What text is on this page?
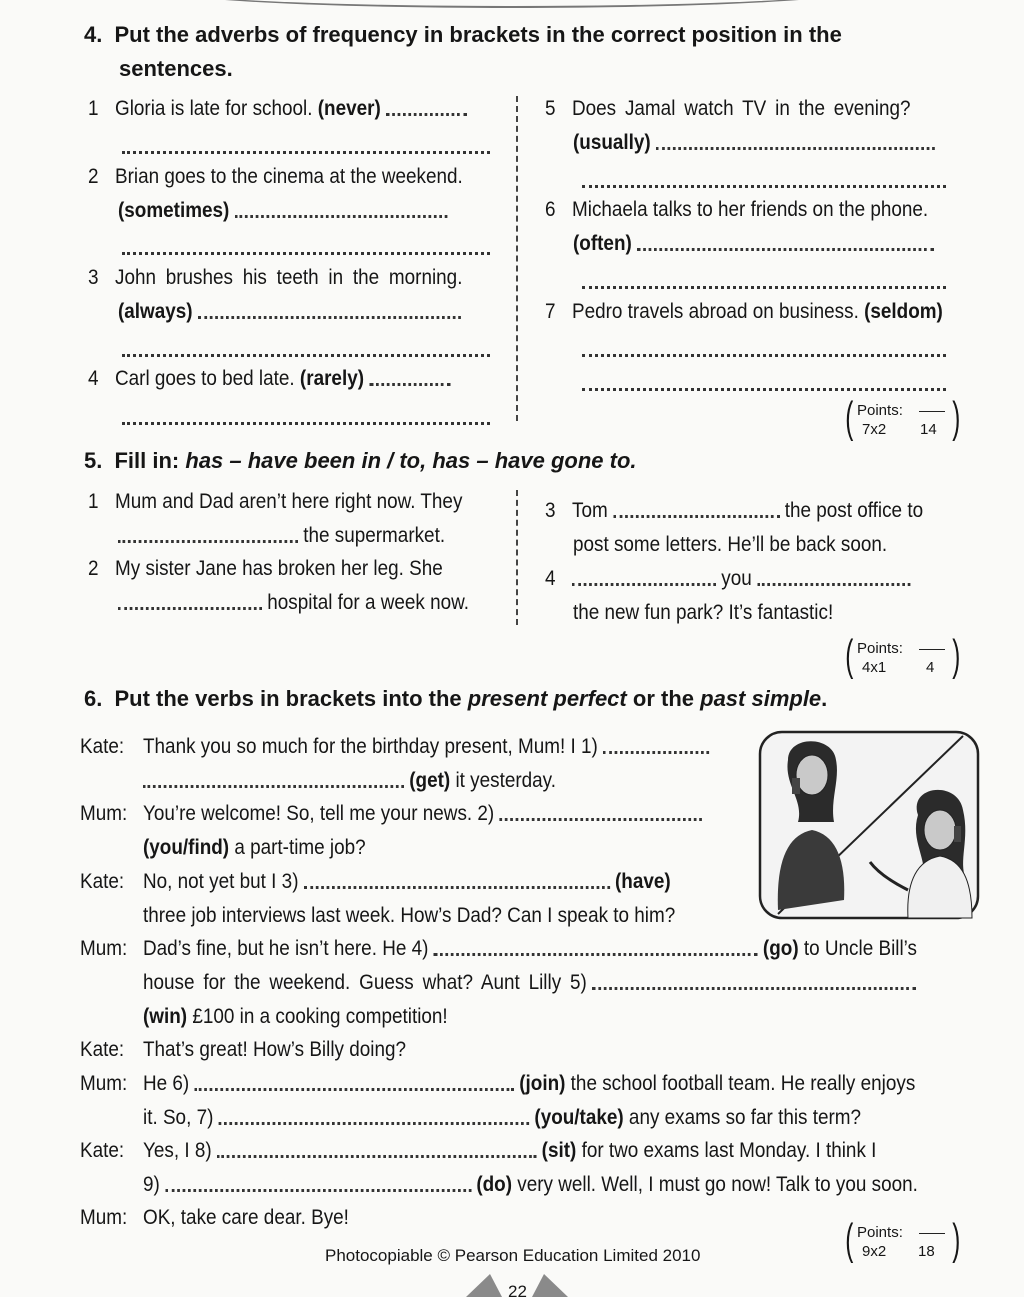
4. Put the adverbs of frequency in brackets in the correct position in the
sentences.
1 Gloria is late for school. (never)
2 Brian goes to the cinema at the weekend.
(sometimes)
3 John brushes his teeth in the morning.
(always)
4 Carl goes to bed late. (rarely)
5 Does Jamal watch TV in the evening?
(usually)
6 Michaela talks to her friends on the phone.
(often)
7 Pedro travels abroad on business. (seldom)
( )
Points:
7x2 14
5. Fill in: has – have been in / to, has – have gone to.
1 Mum and Dad aren’t here right now. They
the supermarket.
2 My sister Jane has broken her leg. She
hospital for a week now.
3 Tom	the post office to
post some letters. He’ll be back soon.
4	you
the new fun park? It’s fantastic!
( )
Points:
4x1	4
6. Put the verbs in brackets into the present perfect or the past simple.
Kate: Thank you so much for the birthday present, Mum! I 1)
(get) it yesterday.
Mum: You’re welcome! So, tell me your news. 2)
(you/find) a part-time job?
Kate: No, not yet but I 3)	(have)
three job interviews last week. How’s Dad? Can I speak to him?
Mum: Dad’s fine, but he isn’t here. He 4)	(go) to Uncle Bill’s
house for the weekend. Guess what? Aunt Lilly 5)
(win) £100 in a cooking competition!
Kate: That’s great! How’s Billy doing?
Mum: He 6)	(join) the school football team. He really enjoys
it. So, 7)	(you/take) any exams so far this term?
Kate: Yes, I 8)	(sit) for two exams last Monday. I think I
9)	(do) very well. Well, I must go now! Talk to you soon.
Mum: OK, take care dear. Bye!	( )
Points:
9x2 18
Photocopiable © Pearson Education Limited 2010
22
